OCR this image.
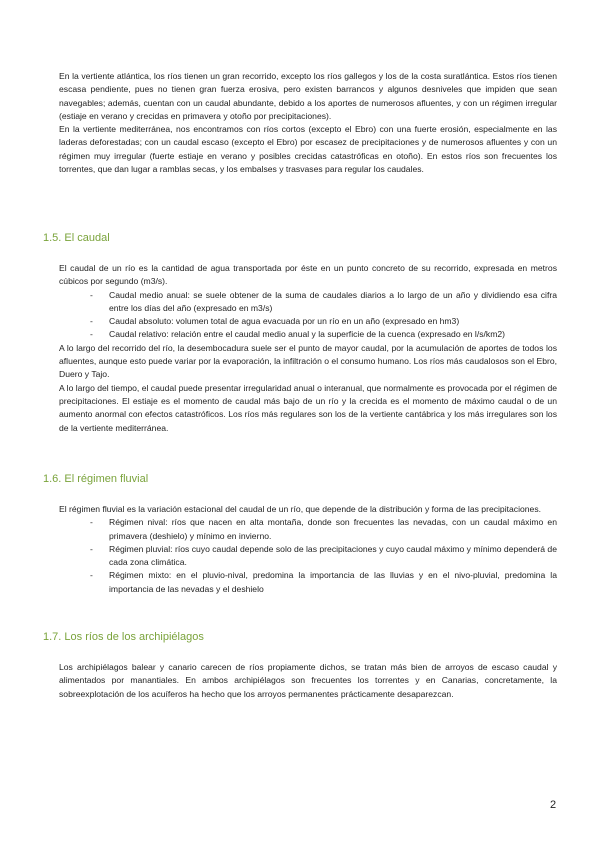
En la vertiente atlántica, los ríos tienen un gran recorrido, excepto los ríos gallegos y los de la costa suratlántica. Estos ríos tienen escasa pendiente, pues no tienen gran fuerza erosiva, pero existen barrancos y algunos desniveles que impiden que sean navegables; además, cuentan con un caudal abundante, debido a los aportes de numerosos afluentes, y con un régimen irregular (estiaje en verano y crecidas en primavera y otoño por precipitaciones).

En la vertiente mediterránea, nos encontramos con ríos cortos (excepto el Ebro) con una fuerte erosión, especialmente en las laderas deforestadas; con un caudal escaso (excepto el Ebro) por escasez de precipitaciones y de numerosos afluentes y con un régimen muy irregular (fuerte estiaje en verano y posibles crecidas catastróficas en otoño). En estos ríos son frecuentes los torrentes, que dan lugar a ramblas secas, y los embalses y trasvases para regular los caudales.

1.5. El caudal

El caudal de un río es la cantidad de agua transportada por éste en un punto concreto de su recorrido, expresada en metros cúbicos por segundo (m3/s).

- Caudal medio anual: se suele obtener de la suma de caudales diarios a lo largo de un año y dividiendo esa cifra entre los días del año (expresado en m3/s)
- Caudal absoluto: volumen total de agua evacuada por un río en un año (expresado en hm3)
- Caudal relativo: relación entre el caudal medio anual y la superficie de la cuenca (expresado en l/s/km2)

A lo largo del recorrido del río, la desembocadura suele ser el punto de mayor caudal, por la acumulación de aportes de todos los afluentes, aunque esto puede variar por la evaporación, la infiltración o el consumo humano. Los ríos más caudalosos son el Ebro, Duero y Tajo.

A lo largo del tiempo, el caudal puede presentar irregularidad anual o interanual, que normalmente es provocada por el régimen de precipitaciones. El estiaje es el momento de caudal más bajo de un río y la crecida es el momento de máximo caudal o de un aumento anormal con efectos catastróficos. Los ríos más regulares son los de la vertiente cantábrica y los más irregulares son los de la vertiente mediterránea.

1.6. El régimen fluvial

El régimen fluvial es la variación estacional del caudal de un río, que depende de la distribución y forma de las precipitaciones.

- Régimen nival: ríos que nacen en alta montaña, donde son frecuentes las nevadas, con un caudal máximo en primavera (deshielo) y mínimo en invierno.
- Régimen pluvial: ríos cuyo caudal depende solo de las precipitaciones y cuyo caudal máximo y mínimo dependerá de cada zona climática.
- Régimen mixto: en el pluvio-nival, predomina la importancia de las lluvias y en el nivo-pluvial, predomina la importancia de las nevadas y el deshielo
1.7. Los ríos de los archipiélagos

Los archipiélagos balear y canario carecen de ríos propiamente dichos, se tratan más bien de arroyos de escaso caudal y alimentados por manantiales. En ambos archipiélagos son frecuentes los torrentes y en Canarias, concretamente, la sobreexplotación de los acuíferos ha hecho que los arroyos permanentes prácticamente desaparezcan.

2
